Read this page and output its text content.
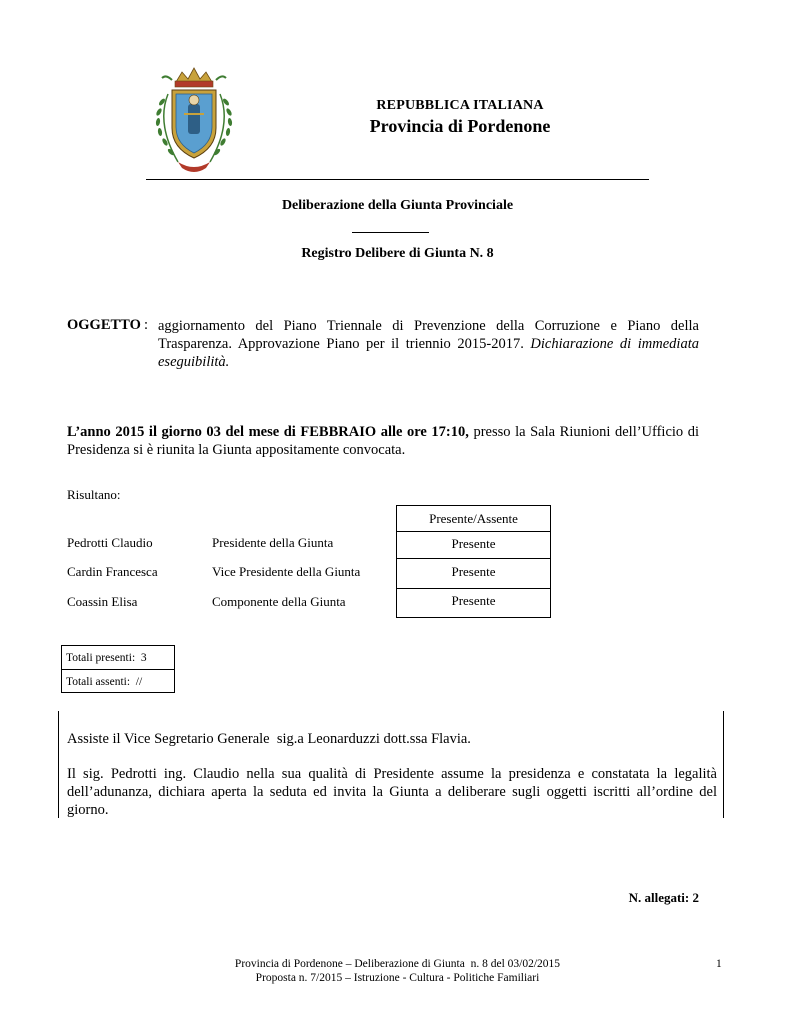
REPUBBLICA ITALIANA
Provincia di Pordenone
Deliberazione della Giunta Provinciale
Registro Delibere di Giunta N. 8
OGGETTO : aggiornamento del Piano Triennale di Prevenzione della Corruzione e Piano della Trasparenza. Approvazione Piano per il triennio 2015-2017. Dichiarazione di immediata eseguibilità.
L’anno 2015 il giorno 03 del mese di FEBBRAIO alle ore 17:10, presso la Sala Riunioni dell’Ufficio di Presidenza si è riunita la Giunta appositamente convocata.
Risultano:
Presente/Assente
Pedrotti Claudio	Presidente della Giunta	Presente
Cardin Francesca	Vice Presidente della Giunta	Presente
Coassin Elisa	Componente della Giunta	Presente
Totali presenti:  3
Totali assenti:  //
Assiste il Vice Segretario Generale  sig.a Leonarduzzi dott.ssa Flavia.
Il sig. Pedrotti ing. Claudio nella sua qualità di Presidente assume la presidenza e constatata la legalità dell’adunanza, dichiara aperta la seduta ed invita la Giunta a deliberare sugli oggetti iscritti all’ordine del giorno.
N. allegati: 2
Provincia di Pordenone – Deliberazione di Giunta  n. 8 del 03/02/2015
Proposta n. 7/2015 – Istruzione - Cultura - Politiche Familiari
1
